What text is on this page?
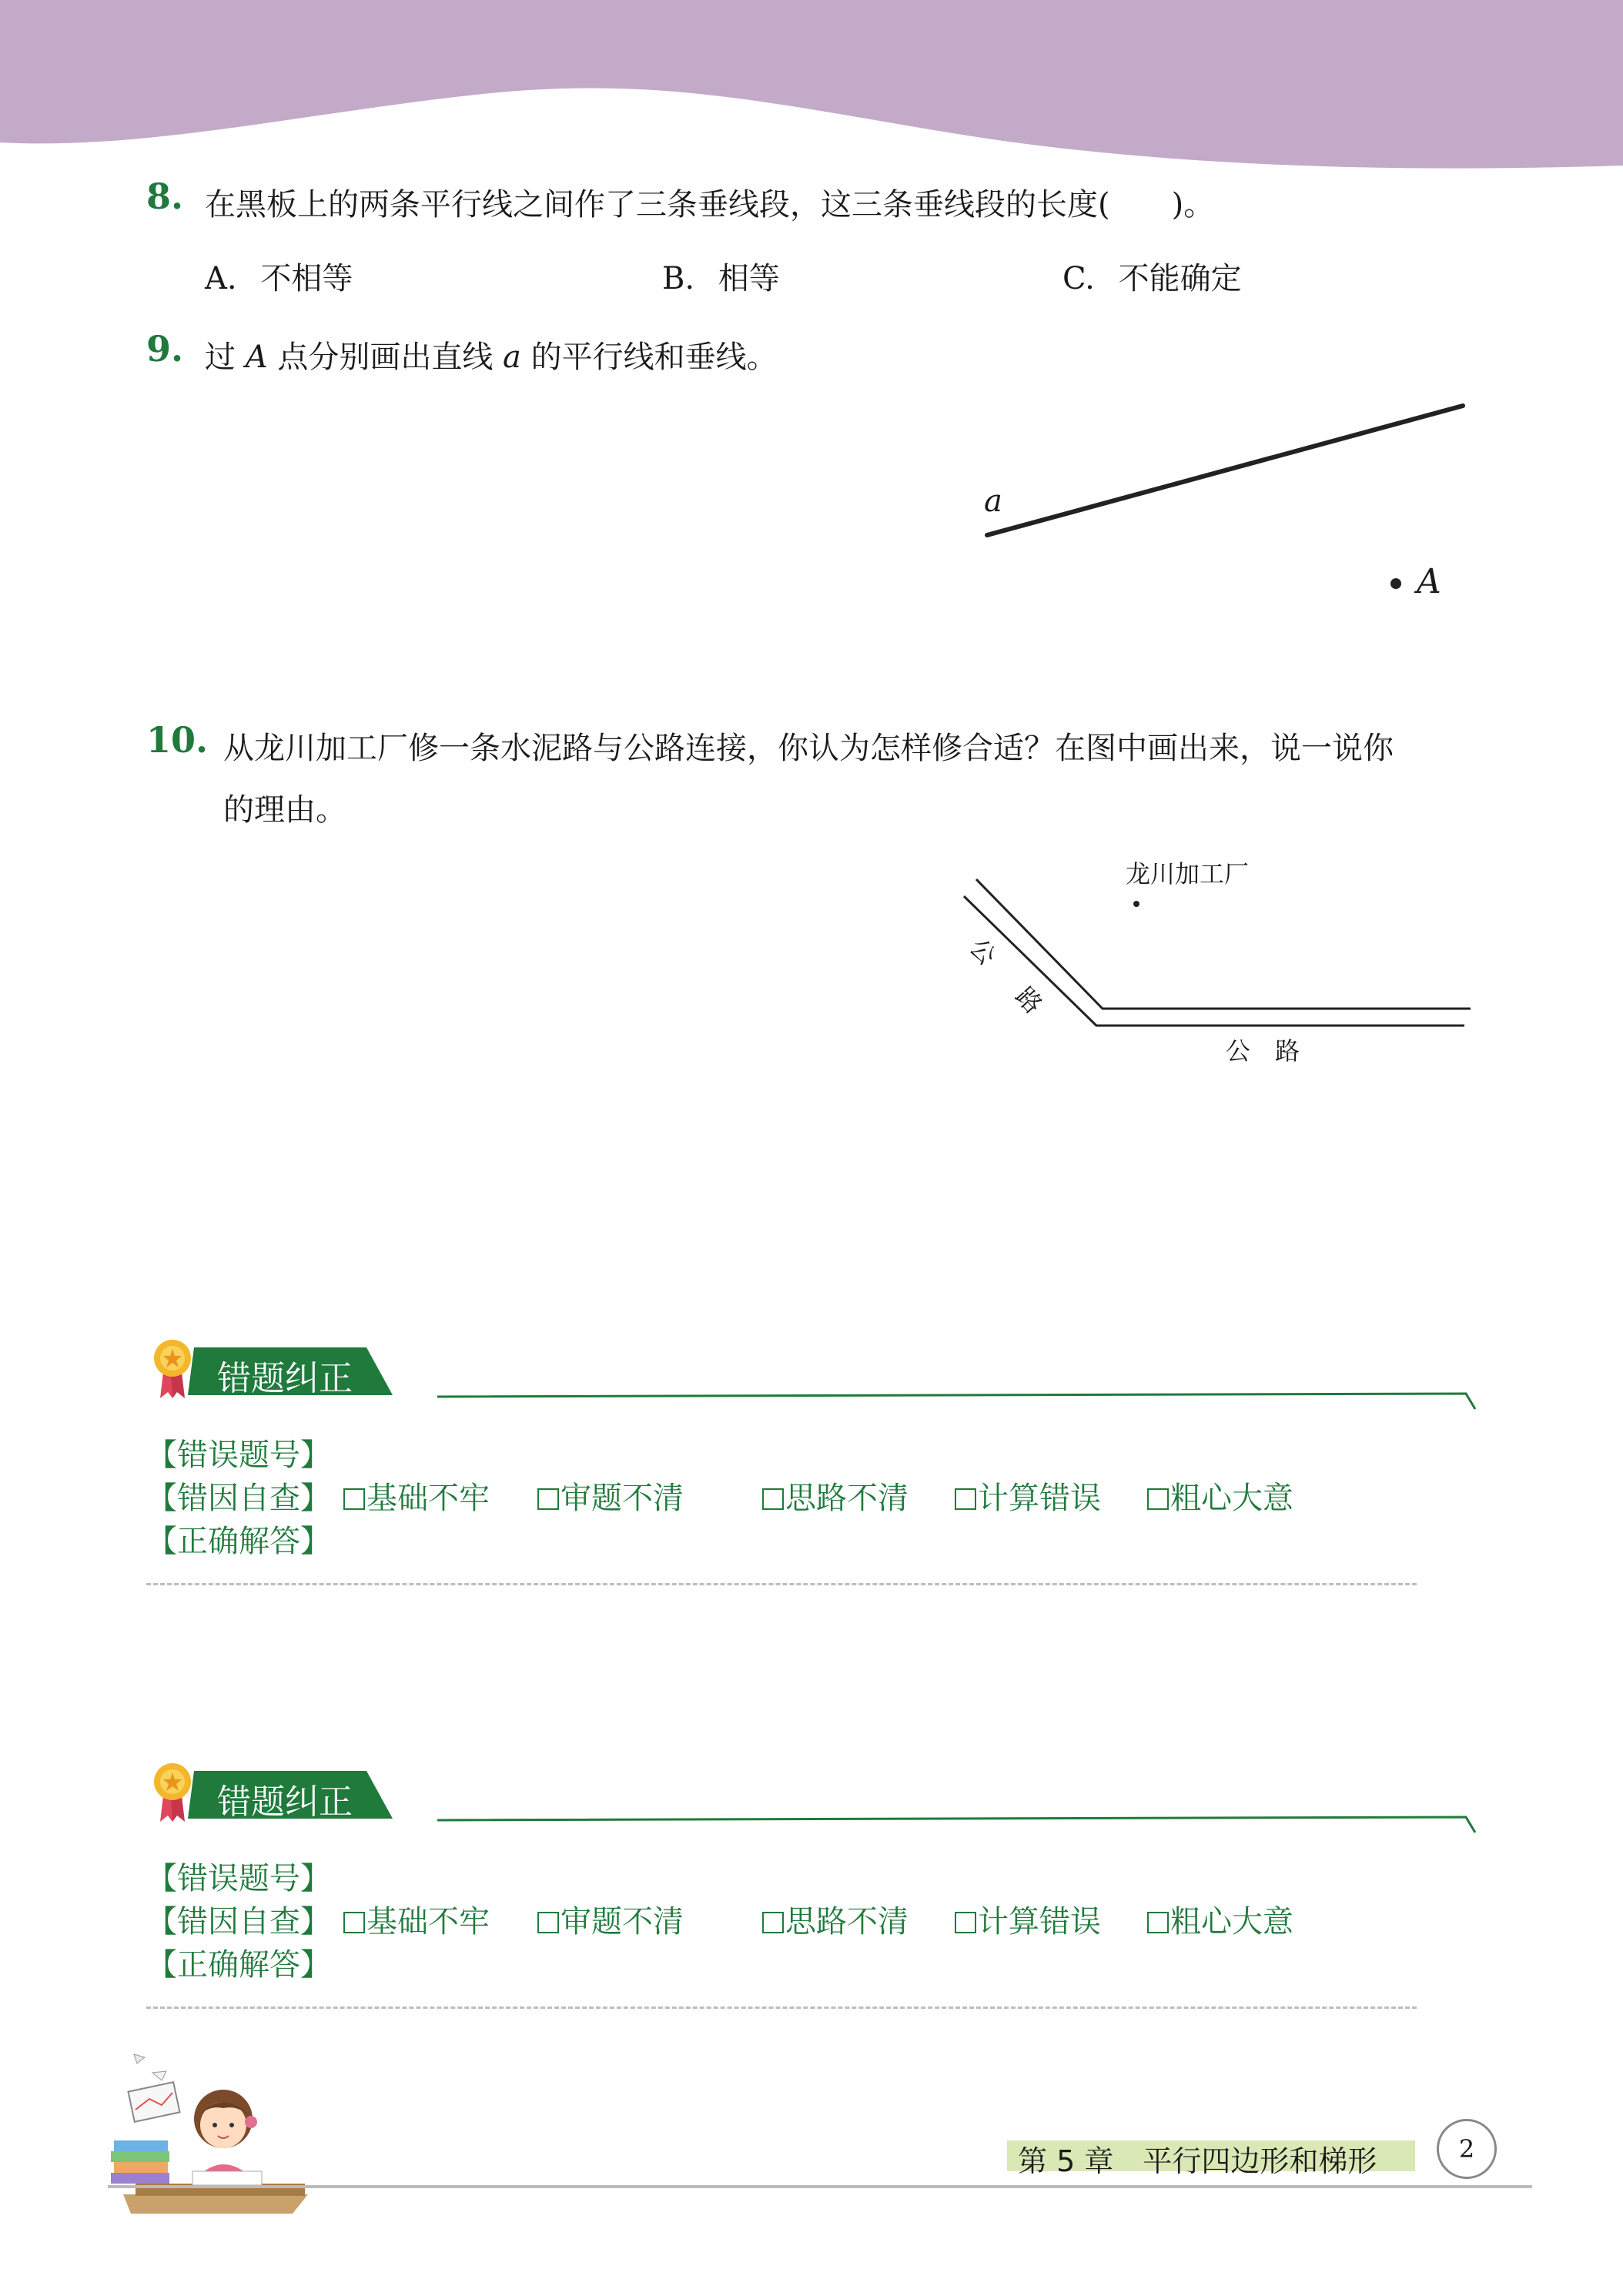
8. 在黑板上的两条平行线之间作了三条垂线段，这三条垂线段的长度(　　)。
A. 不相等	B. 相等	C. 不能确定
9. 过 A 点分别画出直线 a 的平行线和垂线。
a
A
10. 从龙川加工厂修一条水泥路与公路连接，你认为怎样修合适？在图中画出来，说一说你
的理由。
龙川加工厂
公
路
公　路
错题纠正
【错误题号】
【错因自查】	基础不牢	审题不清	思路不清	计算错误	粗心大意
【正确解答】
错题纠正
【错误题号】
【错因自查】	基础不牢	审题不清	思路不清	计算错误	粗心大意
【正确解答】
第 5 章　平行四边形和梯形	2
